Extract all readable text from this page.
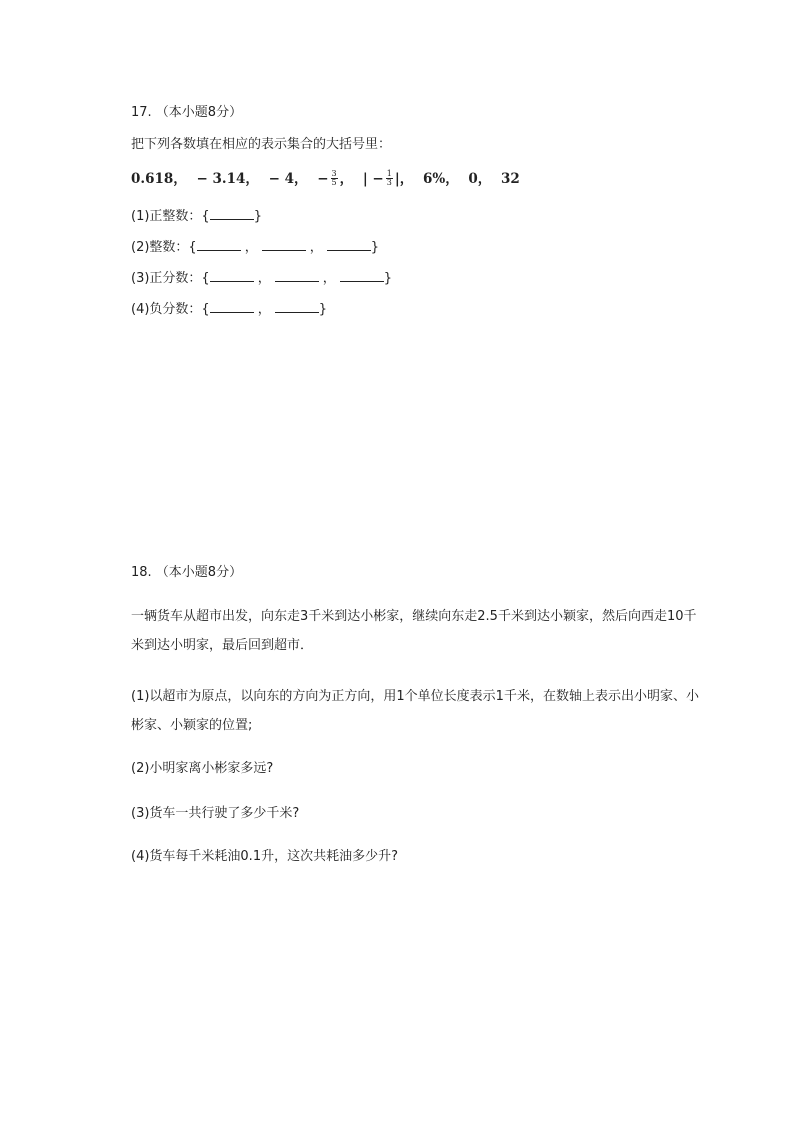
17. （本小题8分）
把下列各数填在相应的表示集合的大括号里：
0.618， − 3.14， − 4， − $\frac{3}{5}$ ， | − $\frac{1}{3}$ |， 6%， 0， 32
(1)正整数：{	}
(2)整数：{	，	，	}
(3)正分数：{	，	，	}
(4)负分数：{	，	}
18. （本小题8分）
一辆货车从超市出发，向东走3千米到达小彬家，继续向东走2.5千米到达小颖家，然后向西走10千米到达小明家，最后回到超市．
(1)以超市为原点，以向东的方向为正方向，用1个单位长度表示1千米，在数轴上表示出小明家、小彬家、小颖家的位置;
(2)小明家离小彬家多远?
(3)货车一共行驶了多少千米?
(4)货车每千米耗油0.1升，这次共耗油多少升?
